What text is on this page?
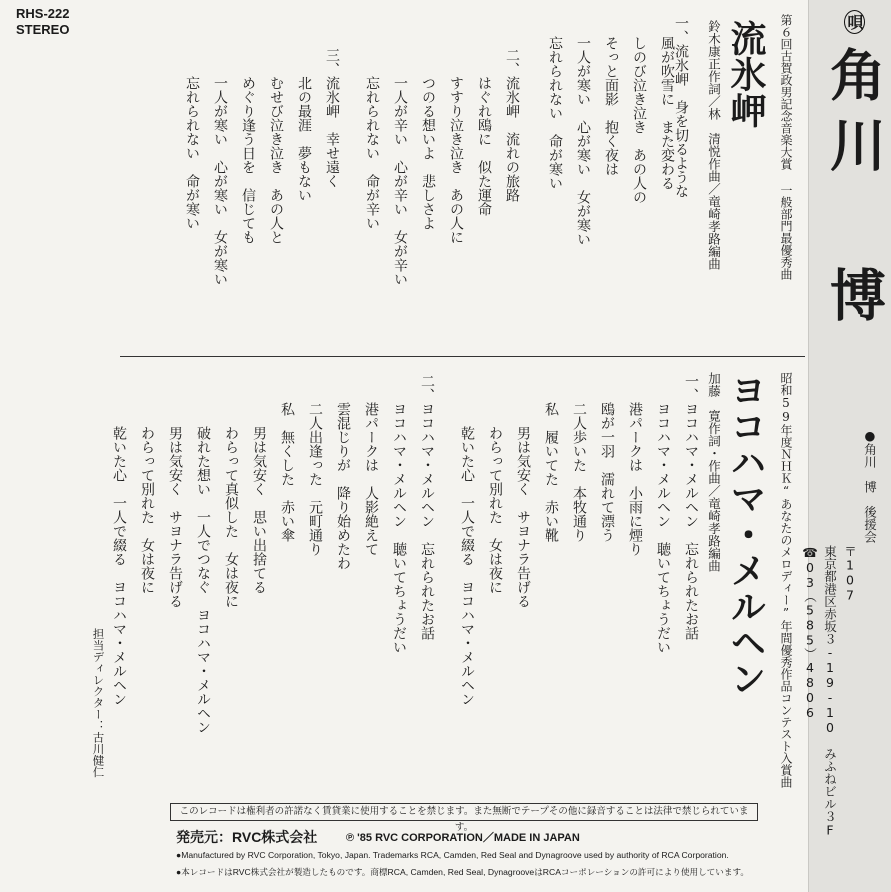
RHS-222
STEREO	唄角川 博
第６回古賀政男記念音楽大賞 一般部門最優秀曲
流氷岬
鈴木康正作詞／林　清悦作曲／竜崎孝路編曲
一、流氷岬　身を切るような
風が吹雪に　また変わる
しのび泣き泣き　あの人の
そっと面影　抱く夜は
一人が寒い　心が寒い　女が寒い
忘れられない　命が寒い
二、流氷岬　流れの旅路
はぐれ鴎に　似た運命
すすり泣き泣き　あの人に
つのる想いよ　悲しさよ
一人が辛い　心が辛い　女が辛い
忘れられない　命が辛い
三、流氷岬　幸せ遠く
北の最涯　夢もない
むせび泣き泣き　あの人と
めぐり逢う日を　信じても
一人が寒い　心が寒い　女が寒い
忘れられない　命が寒い
昭和59年度ＮＨＫ“あなたのメロディー”年間優秀作品コンテスト入賞曲
ヨコハマ・メルヘン
加藤　寛作詞・作曲／竜崎孝路編曲
一、ヨコハマ・メルヘン　忘れられたお話
ヨコハマ・メルヘン　聴いてちょうだい
港パークは　小雨に煙り
鴎が一羽　濡れて漂う
二人歩いた　本牧通り
私　履いてた　赤い靴
男は気安く　サヨナラ告げる
わらって別れた　女は夜に
乾いた心　一人で綴る　ヨコハマ・メルヘン
二、ヨコハマ・メルヘン　忘れられたお話
ヨコハマ・メルヘン　聴いてちょうだい
港パークは　人影絶えて
雲混じりが　降り始めたわ
二人出逢った　元町通り
私　無くした　赤い傘
男は気安く　思い出捨てる
わらって真似した　女は夜に
破れた想い　一人でつなぐ　ヨコハマ・メルヘン
男は気安く　サヨナラ告げる
わらって別れた　女は夜に
乾いた心　一人で綴る　ヨコハマ・メルヘン
担当ディレクター：古川健仁
●角川　博　後援会
〒107
東京都港区赤坂３-19-10　みふねビル３F
☎03（585）4806
このレコードは権利者の許諾なく賃貸業に使用することを禁じます。また無断でテープその他に録音することは法律で禁じられています。
発売元：RVC株式会社	℗ '85 RVC CORPORATION／MADE IN JAPAN
●Manufactured by RVC Corporation, Tokyo, Japan. Trademarks RCA, Camden, Red Seal and Dynagroove used by authority of RCA Corporation.
●本レコードはRVC株式会社が製造したものです。商標RCA, Camden, Red Seal, DynagrooveはRCAコーポレーションの許可により使用しています。
